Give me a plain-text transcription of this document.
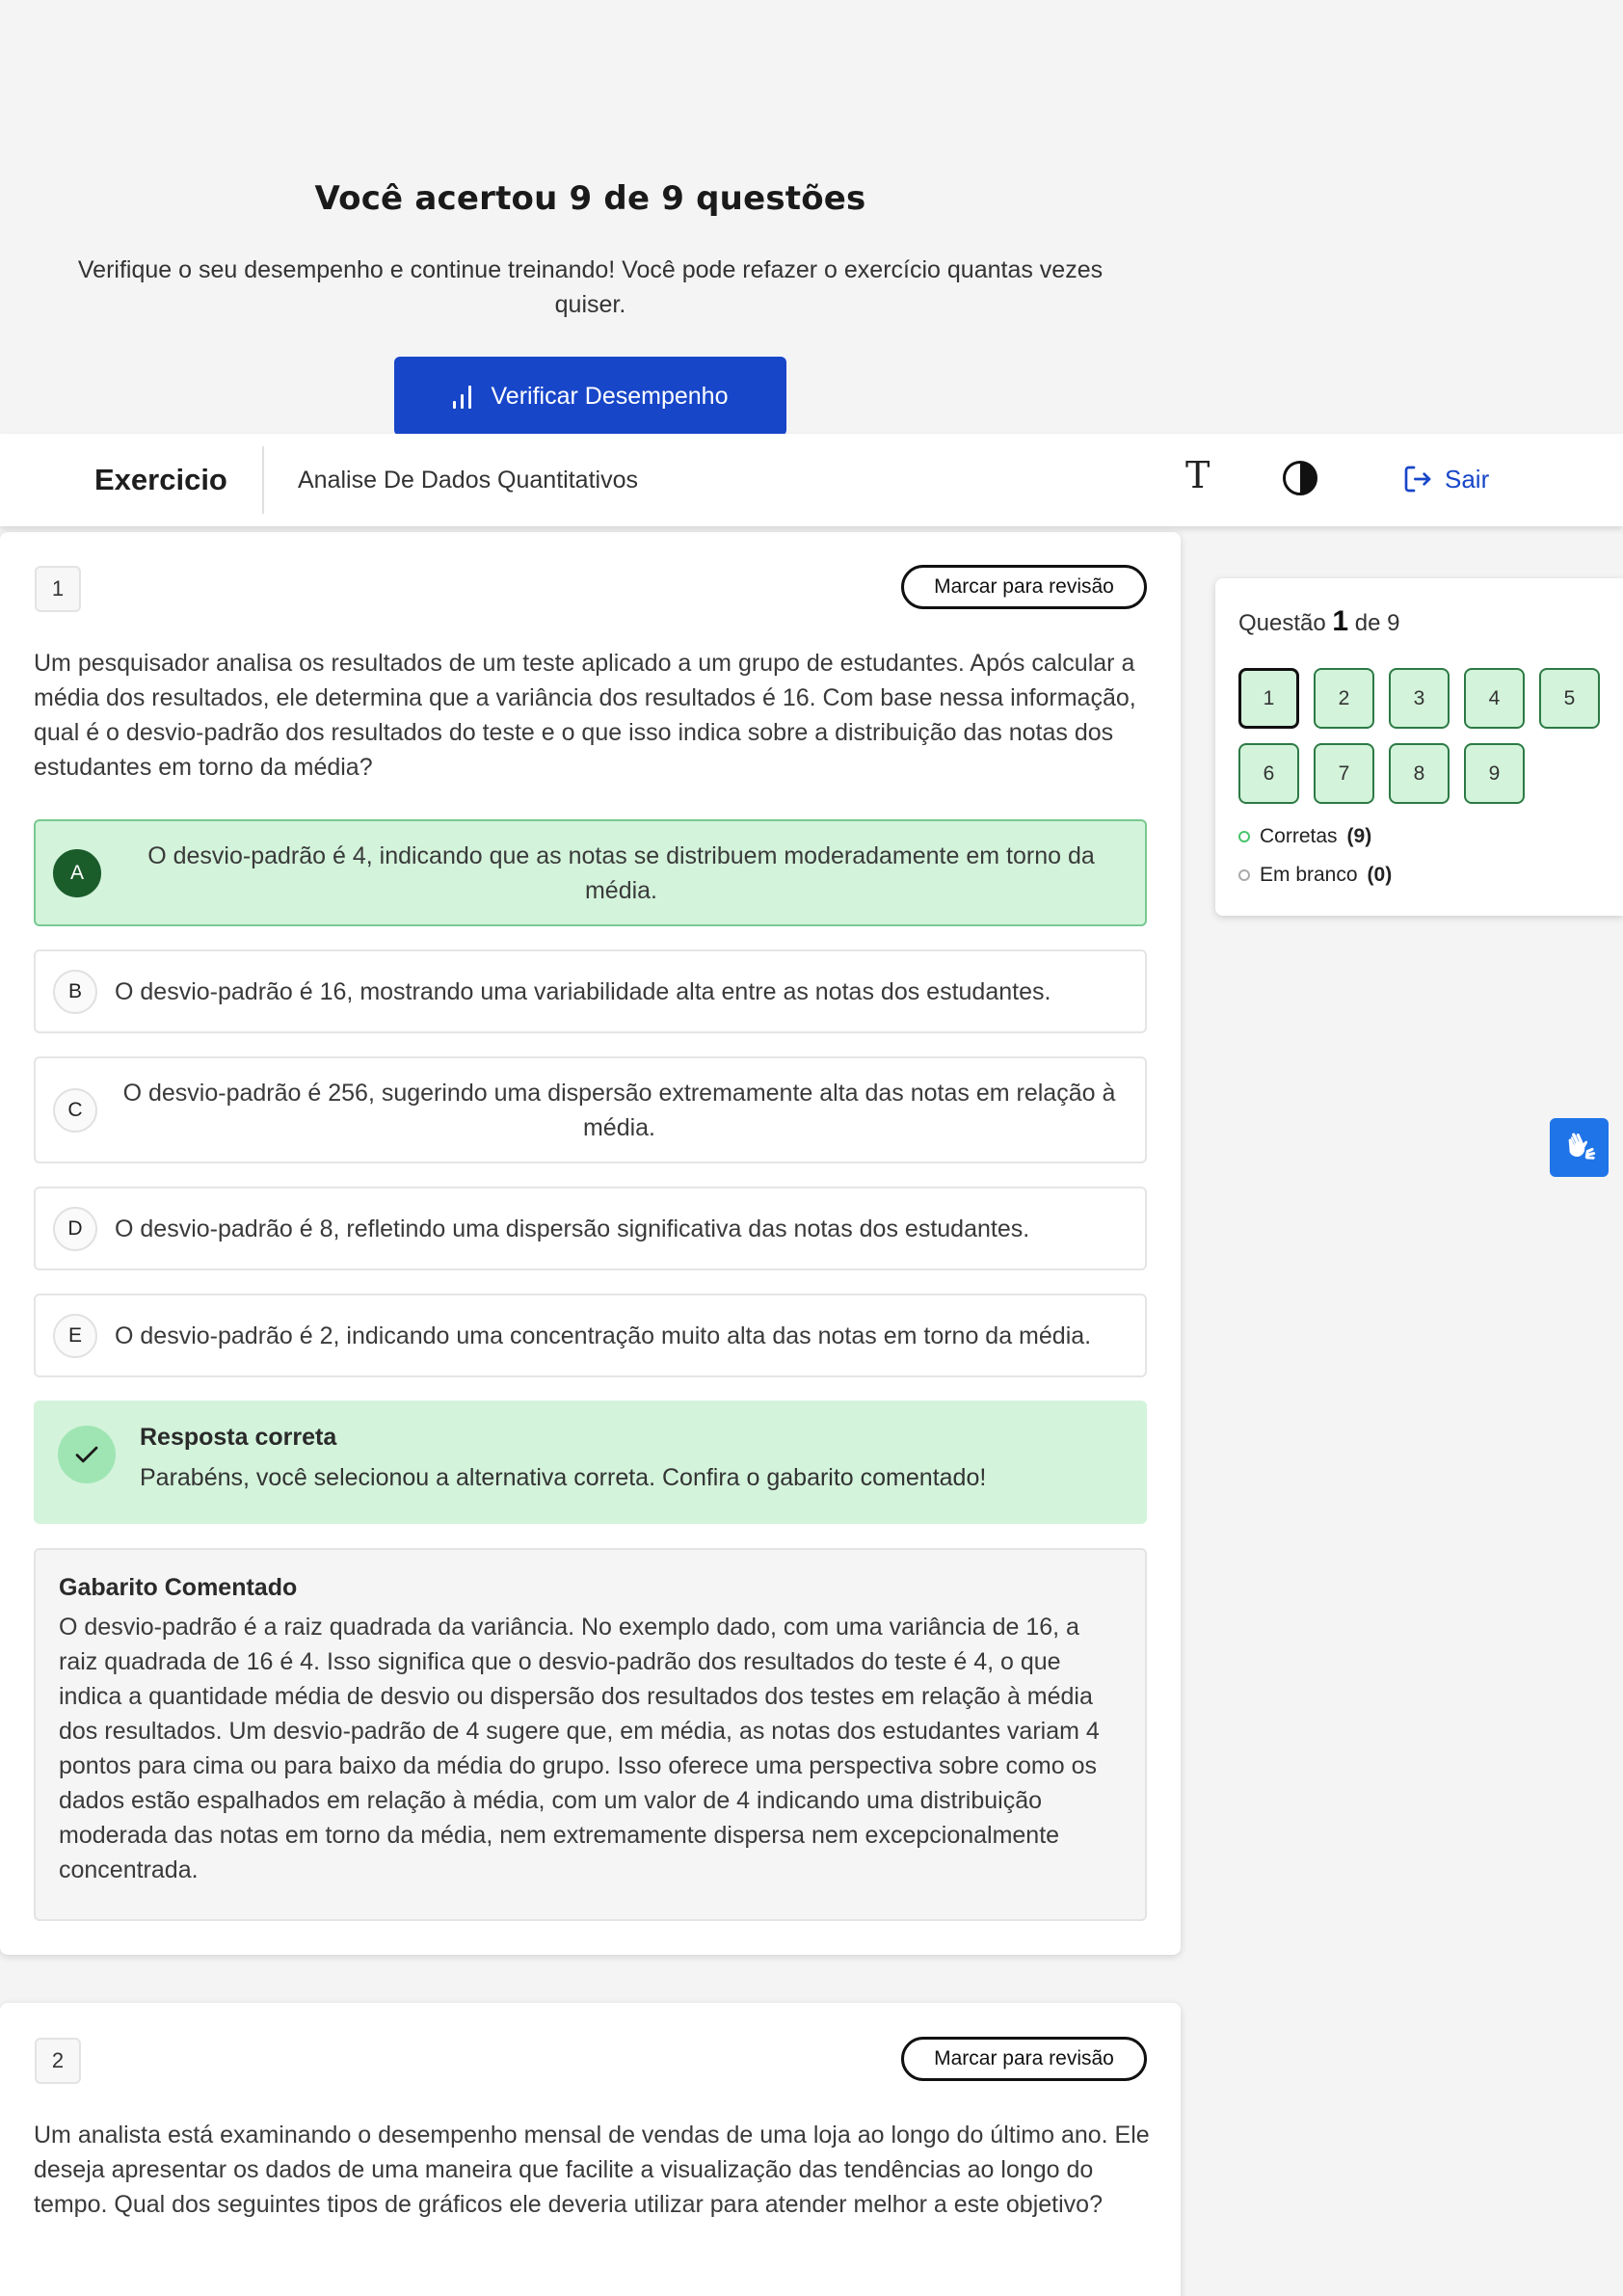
Você acertou 9 de 9 questões

Verifique o seu desempenho e continue treinando! Você pode refazer o exercício quantas vezes quiser.

Verificar Desempenho
Exercicio	Analise De Dados Quantitativos	T	Sair
1	Marcar para revisão

Um pesquisador analisa os resultados de um teste aplicado a um grupo de estudantes. Após calcular a média dos resultados, ele determina que a variância dos resultados é 16. Com base nessa informação, qual é o desvio-padrão dos resultados do teste e o que isso indica sobre a distribuição das notas dos estudantes em torno da média?

A
O desvio-padrão é 4, indicando que as notas se distribuem moderadamente em torno da média.
B	O desvio-padrão é 16, mostrando uma variabilidade alta entre as notas dos estudantes.
C
O desvio-padrão é 256, sugerindo uma dispersão extremamente alta das notas em relação à média.
D	O desvio-padrão é 8, refletindo uma dispersão significativa das notas dos estudantes.
E	O desvio-padrão é 2, indicando uma concentração muito alta das notas em torno da média.
Resposta correta
Parabéns, você selecionou a alternativa correta. Confira o gabarito comentado!
Gabarito Comentado

O desvio-padrão é a raiz quadrada da variância. No exemplo dado, com uma variância de 16, a raiz quadrada de 16 é 4. Isso significa que o desvio-padrão dos resultados do teste é 4, o que indica a quantidade média de desvio ou dispersão dos resultados dos testes em relação à média dos resultados. Um desvio-padrão de 4 sugere que, em média, as notas dos estudantes variam 4 pontos para cima ou para baixo da média do grupo. Isso oferece uma perspectiva sobre como os dados estão espalhados em relação à média, com um valor de 4 indicando uma distribuição moderada das notas em torno da média, nem extremamente dispersa nem excepcionalmente concentrada.

2	Marcar para revisão

Um analista está examinando o desempenho mensal de vendas de uma loja ao longo do último ano. Ele deseja apresentar os dados de uma maneira que facilite a visualização das tendências ao longo do tempo. Qual dos seguintes tipos de gráficos ele deveria utilizar para atender melhor a este objetivo?

Questão 1 de 9
1	2	3	4	5
6	7	8	9
Corretas (9)
Em branco (0)
